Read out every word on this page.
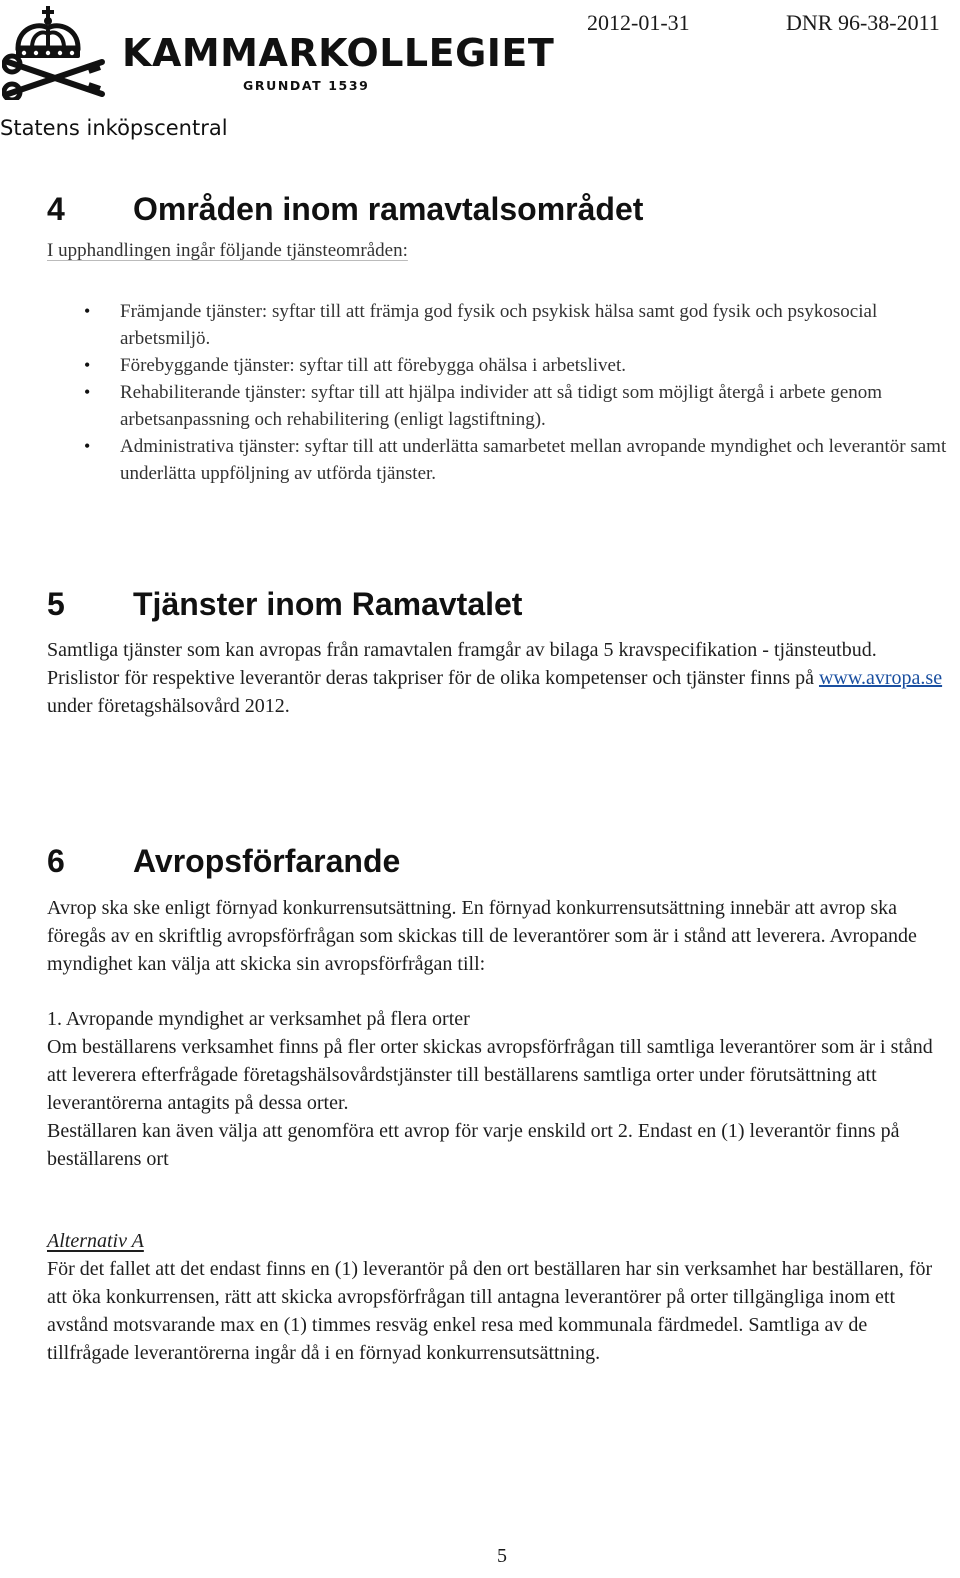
KAMMARKOLLEGIET
GRUNDAT 1539
2012-01-31	DNR 96-38-2011
Statens inköpscentral
4 Områden inom ramavtalsområdet
I upphandlingen ingår följande tjänsteområden:
• Främjande tjänster: syftar till att främja god fysik och psykisk hälsa samt god fysik och psykosocial arbetsmiljö.
• Förebyggande tjänster: syftar till att förebygga ohälsa i arbetslivet.
• Rehabiliterande tjänster: syftar till att hjälpa individer att så tidigt som möjligt återgå i arbete genom arbetsanpassning och rehabilitering (enligt lagstiftning).
• Administrativa tjänster: syftar till att underlätta samarbetet mellan avropande myndighet och leverantör samt underlätta uppföljning av utförda tjänster.
5 Tjänster inom Ramavtalet

Samtliga tjänster som kan avropas från ramavtalen framgår av bilaga 5 kravspecifikation - tjänsteutbud.
Prislistor för respektive leverantör deras takpriser för de olika kompetenser och tjänster finns på www.avropa.se under företagshälsovård 2012.

6 Avropsförfarande

Avrop ska ske enligt förnyad konkurrensutsättning. En förnyad konkurrensutsättning innebär att avrop ska föregås av en skriftlig avropsförfrågan som skickas till de leverantörer som är i stånd att leverera. Avropande myndighet kan välja att skicka sin avropsförfrågan till:

1. Avropande myndighet ar verksamhet på flera orter
Om beställarens verksamhet finns på fler orter skickas avropsförfrågan till samtliga leverantörer som är i stånd att leverera efterfrågade företagshälsovårdstjänster till beställarens samtliga orter under förutsättning att leverantörerna antagits på dessa orter.
Beställaren kan även välja att genomföra ett avrop för varje enskild ort 2. Endast en (1) leverantör finns på beställarens ort

Alternativ A
För det fallet att det endast finns en (1) leverantör på den ort beställaren har sin verksamhet har beställaren, för att öka konkurrensen, rätt att skicka avropsförfrågan till antagna leverantörer på orter tillgängliga inom ett avstånd motsvarande max en (1) timmes resväg enkel resa med kommunala färdmedel. Samtliga av de tillfrågade leverantörerna ingår då i en förnyad konkurrensutsättning.

5
